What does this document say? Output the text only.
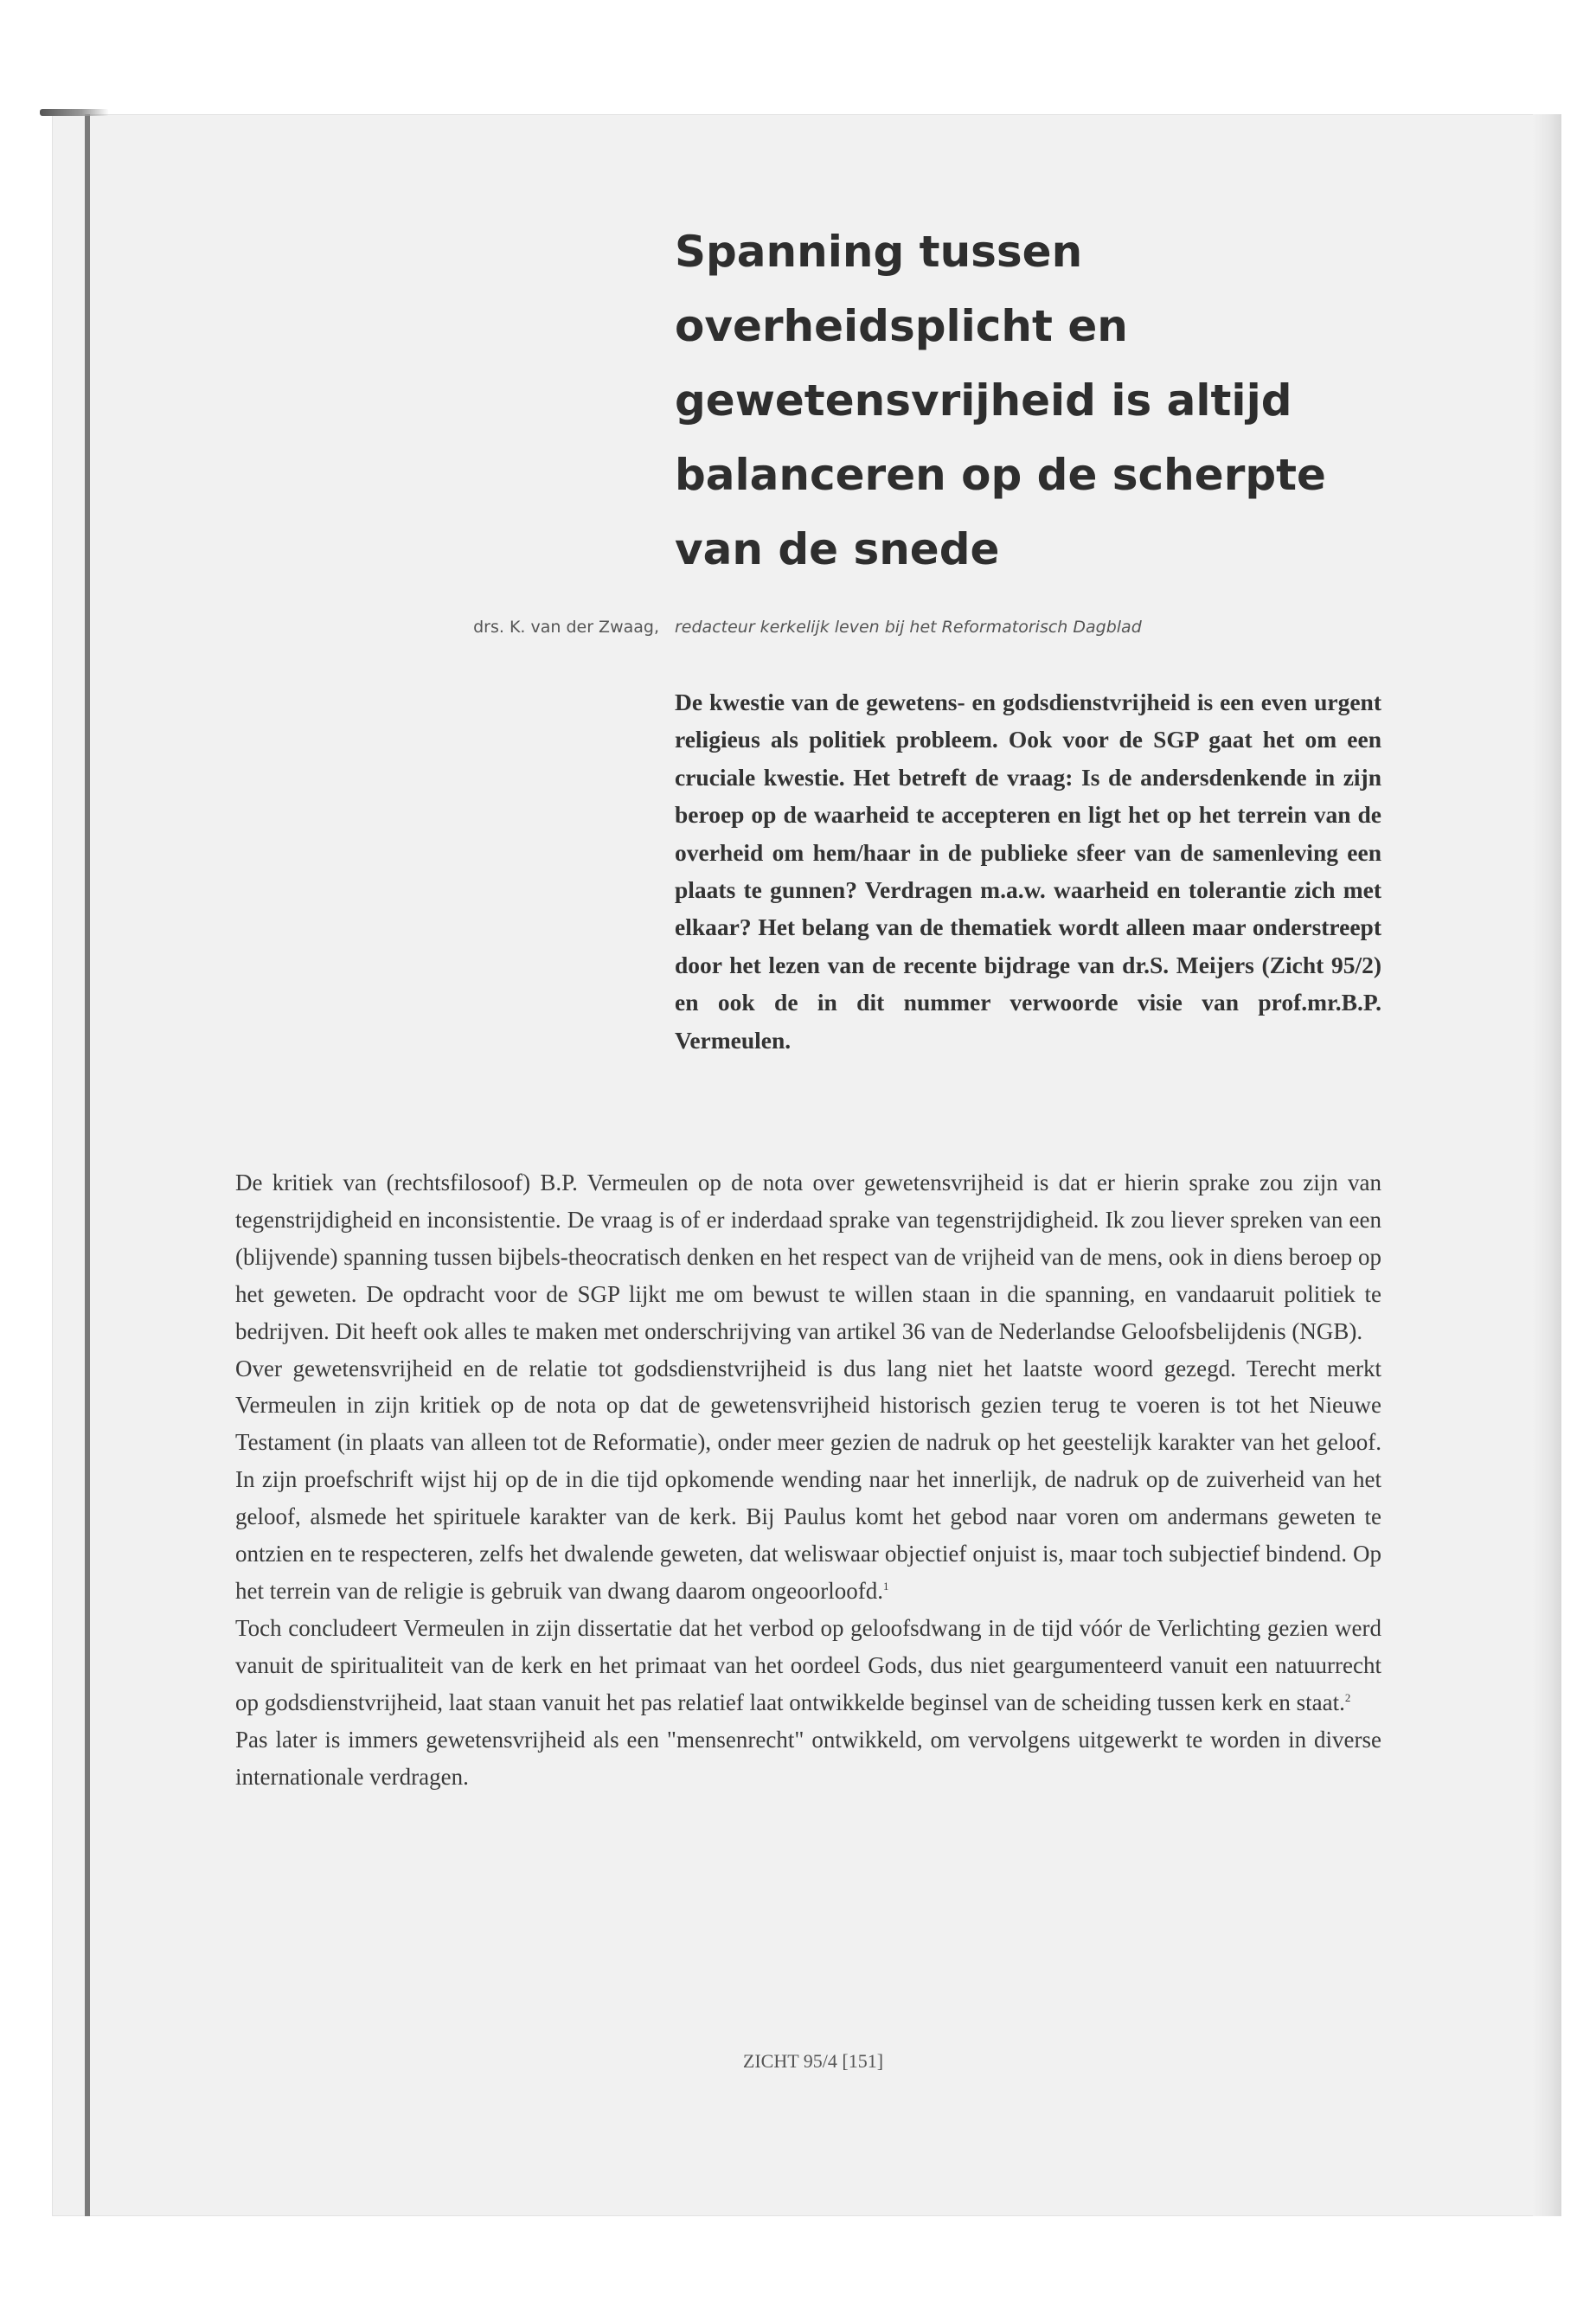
Spanning tussen overheidsplicht en gewetensvrijheid is altijd balanceren op de scherpte van de snede
drs. K. van der Zwaag, redacteur kerkelijk leven bij het Reformatorisch Dagblad

De kwestie van de gewetens- en godsdienstvrijheid is een even urgent religieus als politiek probleem. Ook voor de SGP gaat het om een cruciale kwestie. Het betreft de vraag: Is de andersdenkende in zijn beroep op de waarheid te accepteren en ligt het op het terrein van de overheid om hem/haar in de publieke sfeer van de samenleving een plaats te gunnen? Verdragen m.a.w. waarheid en tolerantie zich met elkaar? Het belang van de thematiek wordt alleen maar onderstreept door het lezen van de recente bijdrage van dr.S. Meijers (Zicht 95/2) en ook de in dit nummer verwoorde visie van prof.mr.B.P. Vermeulen.

De kritiek van (rechtsfilosoof) B.P. Vermeulen op de nota over gewetensvrijheid is dat er hierin sprake zou zijn van tegenstrijdigheid en inconsistentie. De vraag is of er inderdaad sprake van tegenstrijdigheid. Ik zou liever spreken van een (blijvende) spanning tussen bijbels-theocratisch denken en het respect van de vrijheid van de mens, ook in diens beroep op het geweten. De opdracht voor de SGP lijkt me om bewust te willen staan in die spanning, en vandaaruit politiek te bedrijven. Dit heeft ook alles te maken met onderschrijving van artikel 36 van de Nederlandse Geloofsbelijdenis (NGB).

Over gewetensvrijheid en de relatie tot godsdienstvrijheid is dus lang niet het laatste woord gezegd. Terecht merkt Vermeulen in zijn kritiek op de nota op dat de gewetensvrijheid historisch gezien terug te voeren is tot het Nieuwe Testament (in plaats van alleen tot de Reformatie), onder meer gezien de nadruk op het geestelijk karakter van het geloof. In zijn proefschrift wijst hij op de in die tijd opkomende wending naar het innerlijk, de nadruk op de zuiverheid van het geloof, alsmede het spirituele karakter van de kerk. Bij Paulus komt het gebod naar voren om andermans geweten te ontzien en te respecteren, zelfs het dwalende geweten, dat weliswaar objectief onjuist is, maar toch subjectief bindend. Op het terrein van de religie is gebruik van dwang daarom ongeoorloofd.$^1$

Toch concludeert Vermeulen in zijn dissertatie dat het verbod op geloofsdwang in de tijd vóór de Verlichting gezien werd vanuit de spiritualiteit van de kerk en het primaat van het oordeel Gods, dus niet geargumenteerd vanuit een natuurrecht op godsdienstvrijheid, laat staan vanuit het pas relatief laat ontwikkelde beginsel van de scheiding tussen kerk en staat.$^2$

Pas later is immers gewetensvrijheid als een "mensenrecht" ontwikkeld, om vervolgens uitgewerkt te worden in diverse internationale verdragen.

ZICHT 95/4 [151]
